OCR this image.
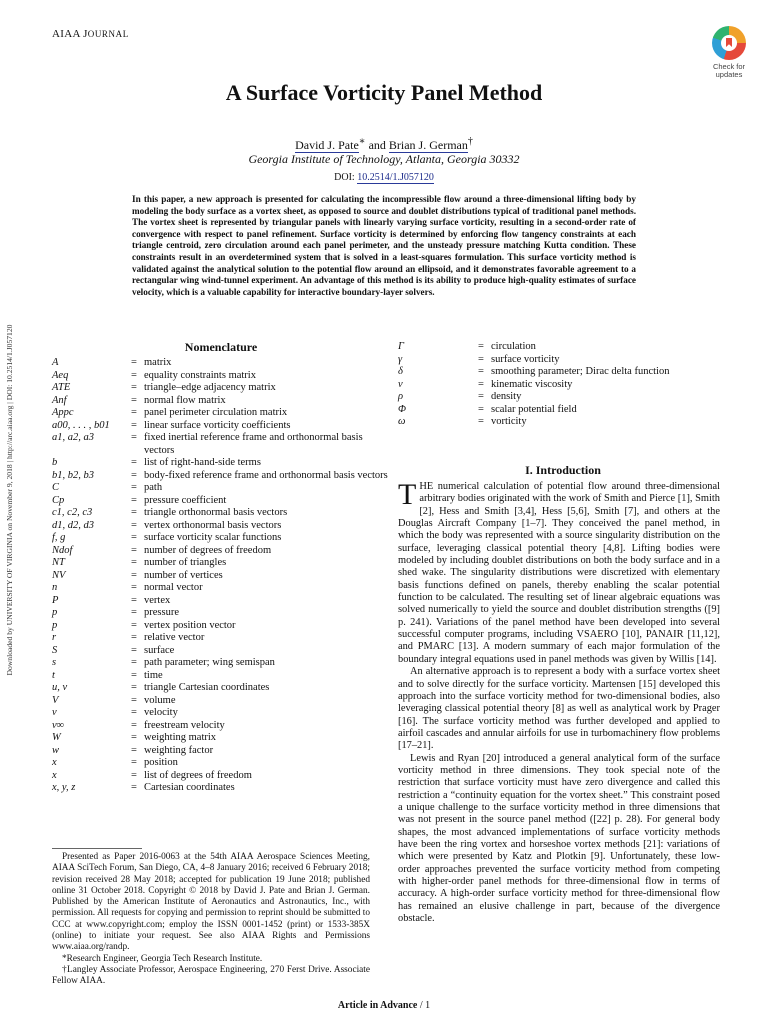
AIAA JOURNAL
Check for
updates
A Surface Vorticity Panel Method
David J. Pate∗ and Brian J. German†
Georgia Institute of Technology, Atlanta, Georgia 30332
DOI: 10.2514/1.J057120
In this paper, a new approach is presented for calculating the incompressible flow around a three-dimensional lifting body by modeling the body surface as a vortex sheet, as opposed to source and doublet distributions typical of traditional panel methods. The vortex sheet is represented by triangular panels with linearly varying surface vorticity, resulting in a second-order rate of convergence with respect to panel refinement. Surface vorticity is determined by enforcing flow tangency constraints at each triangle centroid, zero circulation around each panel perimeter, and the unsteady pressure matching Kutta condition. These constraints result in an overdetermined system that is solved in a least-squares formulation. This surface vorticity method is validated against the analytical solution to the potential flow around an ellipsoid, and it demonstrates favorable agreement to a rectangular wing wind-tunnel experiment. An advantage of this method is its ability to produce high-quality estimates of surface velocity, which is a valuable capability for interactive boundary-layer solvers.
Downloaded by UNIVERSITY OF VIRGINIA on November 9, 2018 | http://arc.aiaa.org | DOI: 10.2514/1.J057120	Nomenclature
A	= matrix
Aeq	= equality constraints matrix
ATE	= triangle–edge adjacency matrix
Anf	= normal flow matrix
Appc	= panel perimeter circulation matrix
a00, . . . , b01	= linear surface vorticity coefficients
a1, a2, a3	= fixed inertial reference frame and orthonormal basis vectors
b⃗	= list of right-hand-side terms
b1, b2, b3	= body-fixed reference frame and orthonormal basis vectors
C	= path
Cp	= pressure coefficient
c1, c2, c3	= triangle orthonormal basis vectors
d1, d2, d3	= vertex orthonormal basis vectors
f, g	= surface vorticity scalar functions
Ndof	= number of degrees of freedom
NT	= number of triangles
NV	= number of vertices
n	= normal vector
P	= vertex
p	= pressure
p	= vertex position vector
r	= relative vector
S	= surface
s	= path parameter; wing semispan
t	= time
u, v	= triangle Cartesian coordinates
V	= volume
v	= velocity
v∞	= freestream velocity
W	= weighting matrix
w	= weighting factor
x	= position
x⃗	= list of degrees of freedom
x, y, z	= Cartesian coordinates
Γ	= circulation
γ	= surface vorticity
δ	= smoothing parameter; Dirac delta function
ν	= kinematic viscosity
ρ	= density
Φ	= scalar potential field
ω	= vorticity
I. Introduction

THE numerical calculation of potential flow around three-dimensional arbitrary bodies originated with the work of Smith and Pierce [1], Smith [2], Hess and Smith [3,4], Hess [5,6], Smith [7], and others at the Douglas Aircraft Company [1–7]. They conceived the panel method, in which the body was represented with a source singularity distribution on the surface, leveraging classical potential theory [4,8]. Lifting bodies were modeled by including doublet distributions on both the body surface and in a shed wake. The singularity distributions were discretized with elementary basis functions defined on panels, thereby enabling the scalar potential function to be calculated. The resulting set of linear algebraic equations was solved numerically to yield the source and doublet distribution strengths ([9] p. 241). Variations of the panel method have been developed into several successful computer programs, including VSAERO [10], PANAIR [11,12], and PMARC [13]. A modern summary of each major formulation of the boundary integral equations used in panel methods was given by Willis [14].

An alternative approach is to represent a body with a surface vortex sheet and to solve directly for the surface vorticity. Martensen [15] developed this approach into the surface vorticity method for two-dimensional bodies, also leveraging classical potential theory [8] as well as analytical work by Prager [16]. The surface vorticity method was further developed and applied to airfoil cascades and annular airfoils for use in turbomachinery flow problems [17–21].

Lewis and Ryan [20] introduced a general analytical form of the surface vorticity method in three dimensions. They took special note of the restriction that surface vorticity must have zero divergence and called this restriction a “continuity equation for the vortex sheet.” This constraint posed a unique challenge to the surface vorticity method in three dimensions that was not present in the source panel method ([22] p. 28). For general body shapes, the most advanced implementations of surface vorticity methods have been the ring vortex and horseshoe vortex methods [21]: variations of which were presented by Katz and Plotkin [9]. Unfortunately, these low-order approaches prevented the surface vorticity method from competing with higher-order panel methods for three-dimensional flow in terms of accuracy. A high-order surface vorticity method for three-dimensional flow has remained an elusive challenge in part, because of the divergence obstacle.

Presented as Paper 2016-0063 at the 54th AIAA Aerospace Sciences Meeting, AIAA SciTech Forum, San Diego, CA, 4–8 January 2016; received 6 February 2018; revision received 28 May 2018; accepted for publication 19 June 2018; published online 31 October 2018. Copyright © 2018 by David J. Pate and Brian J. German. Published by the American Institute of Aeronautics and Astronautics, Inc., with permission. All requests for copying and permission to reprint should be submitted to CCC at www.copyright.com; employ the ISSN 0001-1452 (print) or 1533-385X (online) to initiate your request. See also AIAA Rights and Permissions www.aiaa.org/randp.

*Research Engineer, Georgia Tech Research Institute.

†Langley Associate Professor, Aerospace Engineering, 270 Ferst Drive. Associate Fellow AIAA.

Article in Advance / 1
